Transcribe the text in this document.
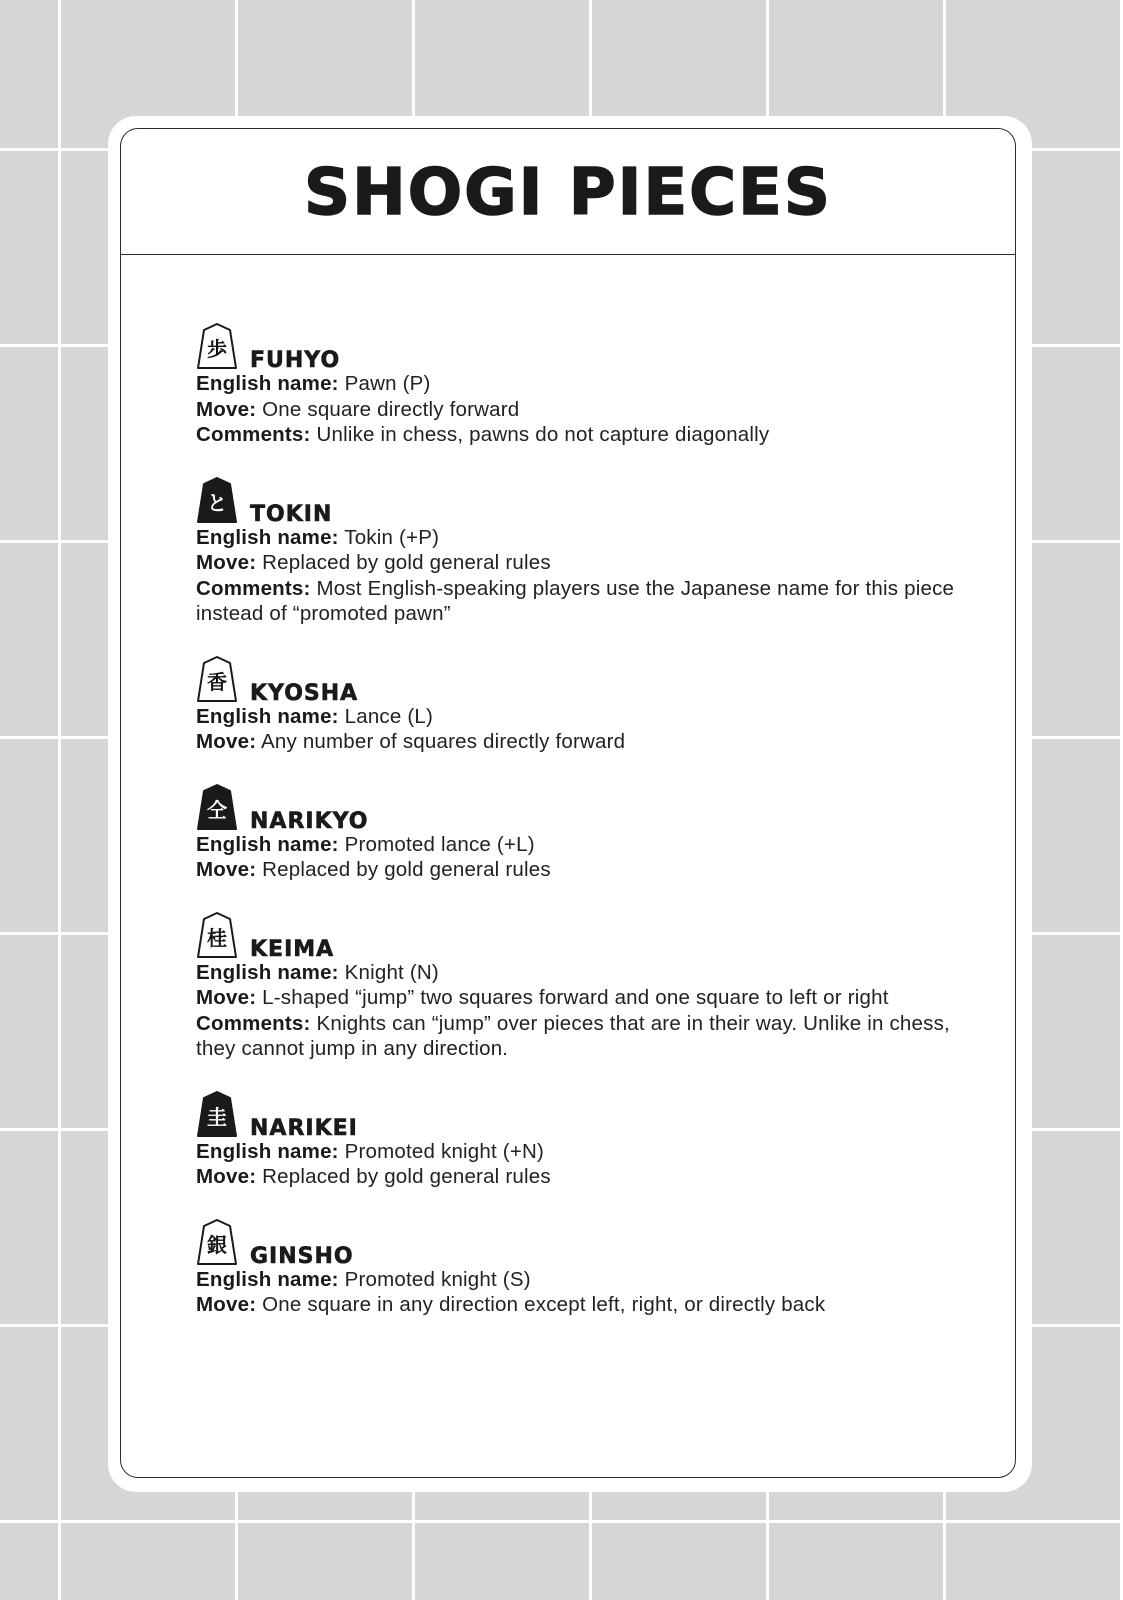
SHOGI PIECES
歩	FUHYO
English name: Pawn (P)
Move: One square directly forward
Comments: Unlike in chess, pawns do not capture diagonally
と	TOKIN
English name: Tokin (+P)
Move: Replaced by gold general rules
Comments: Most English-speaking players use the Japanese name for this piece instead of “promoted pawn”
香	KYOSHA
English name: Lance (L)
Move: Any number of squares directly forward
仝	NARIKYO
English name: Promoted lance (+L)
Move: Replaced by gold general rules
桂	KEIMA
English name: Knight (N)
Move: L-shaped “jump” two squares forward and one square to left or right
Comments: Knights can “jump” over pieces that are in their way. Unlike in chess, they cannot jump in any direction.
圭	NARIKEI
English name: Promoted knight (+N)
Move: Replaced by gold general rules
銀	GINSHO
English name: Promoted knight (S)
Move: One square in any direction except left, right, or directly back
